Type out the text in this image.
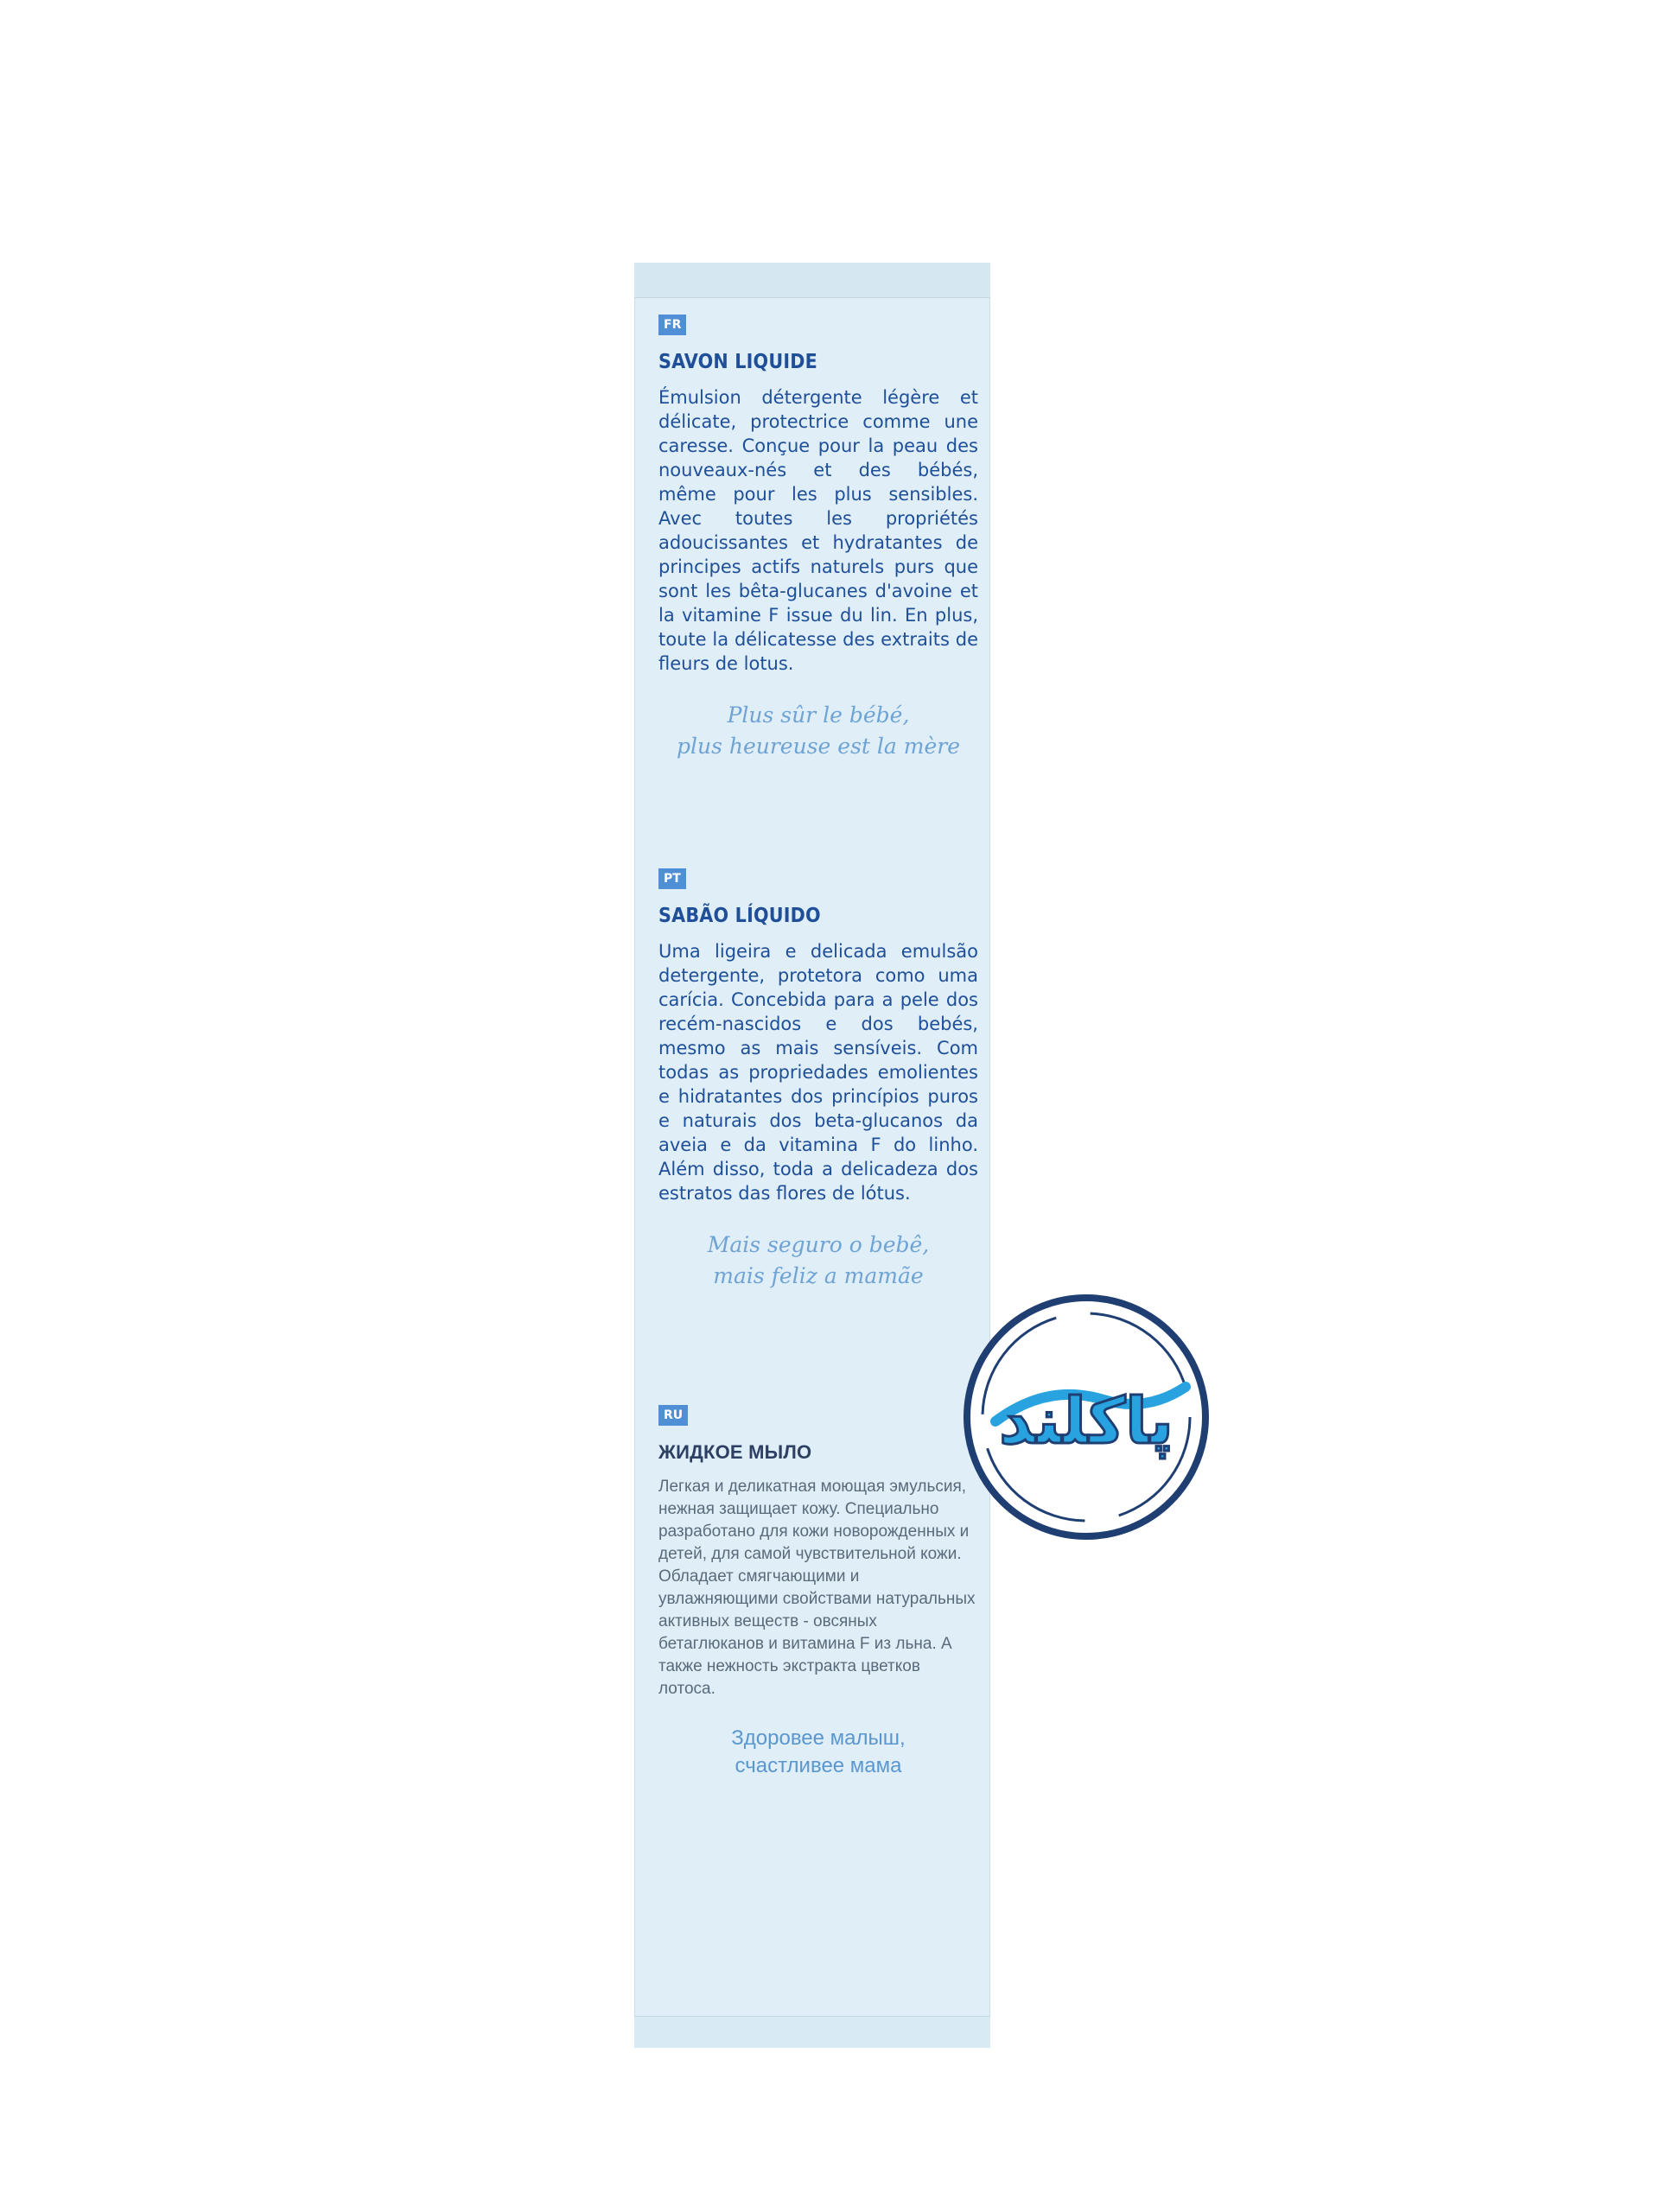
FR
SAVON LIQUIDE
Émulsion détergente légère et délicate, protectrice comme une caresse. Conçue pour la peau des nouveaux-nés et des bébés, même pour les plus sensibles. Avec toutes les propriétés adoucissantes et hydratantes de principes actifs naturels purs que sont les bêta-glucanes d'avoine et la vitamine F issue du lin. En plus, toute la délicatesse des extraits de fleurs de lotus.
Plus sûr le bébé,
plus heureuse est la mère
PT
SABÃO LÍQUIDO
Uma ligeira e delicada emulsão detergente, protetora como uma carícia. Concebida para a pele dos recém-nascidos e dos bebés, mesmo as mais sensíveis. Com todas as propriedades emolientes e hidratantes dos princípios puros e naturais dos beta-glucanos da aveia e da vitamina F do linho. Além disso, toda a delicadeza dos estratos das flores de lótus.
Mais seguro o bebê,
mais feliz a mamãe
RU
ЖИДКОЕ МЫЛО
Легкая и деликатная моющая эмульсия, нежная защищает кожу. Специально разработано для кожи новорожденных и детей, для самой чувствительной кожи. Обладает смягчающими и увлажняющими свойствами натуральных активных веществ - овсяных бетаглюканов и витамина F из льна. А также нежность экстракта цветков лотоса.
Здоровее малыш,
счастливее мама
پاکلند
